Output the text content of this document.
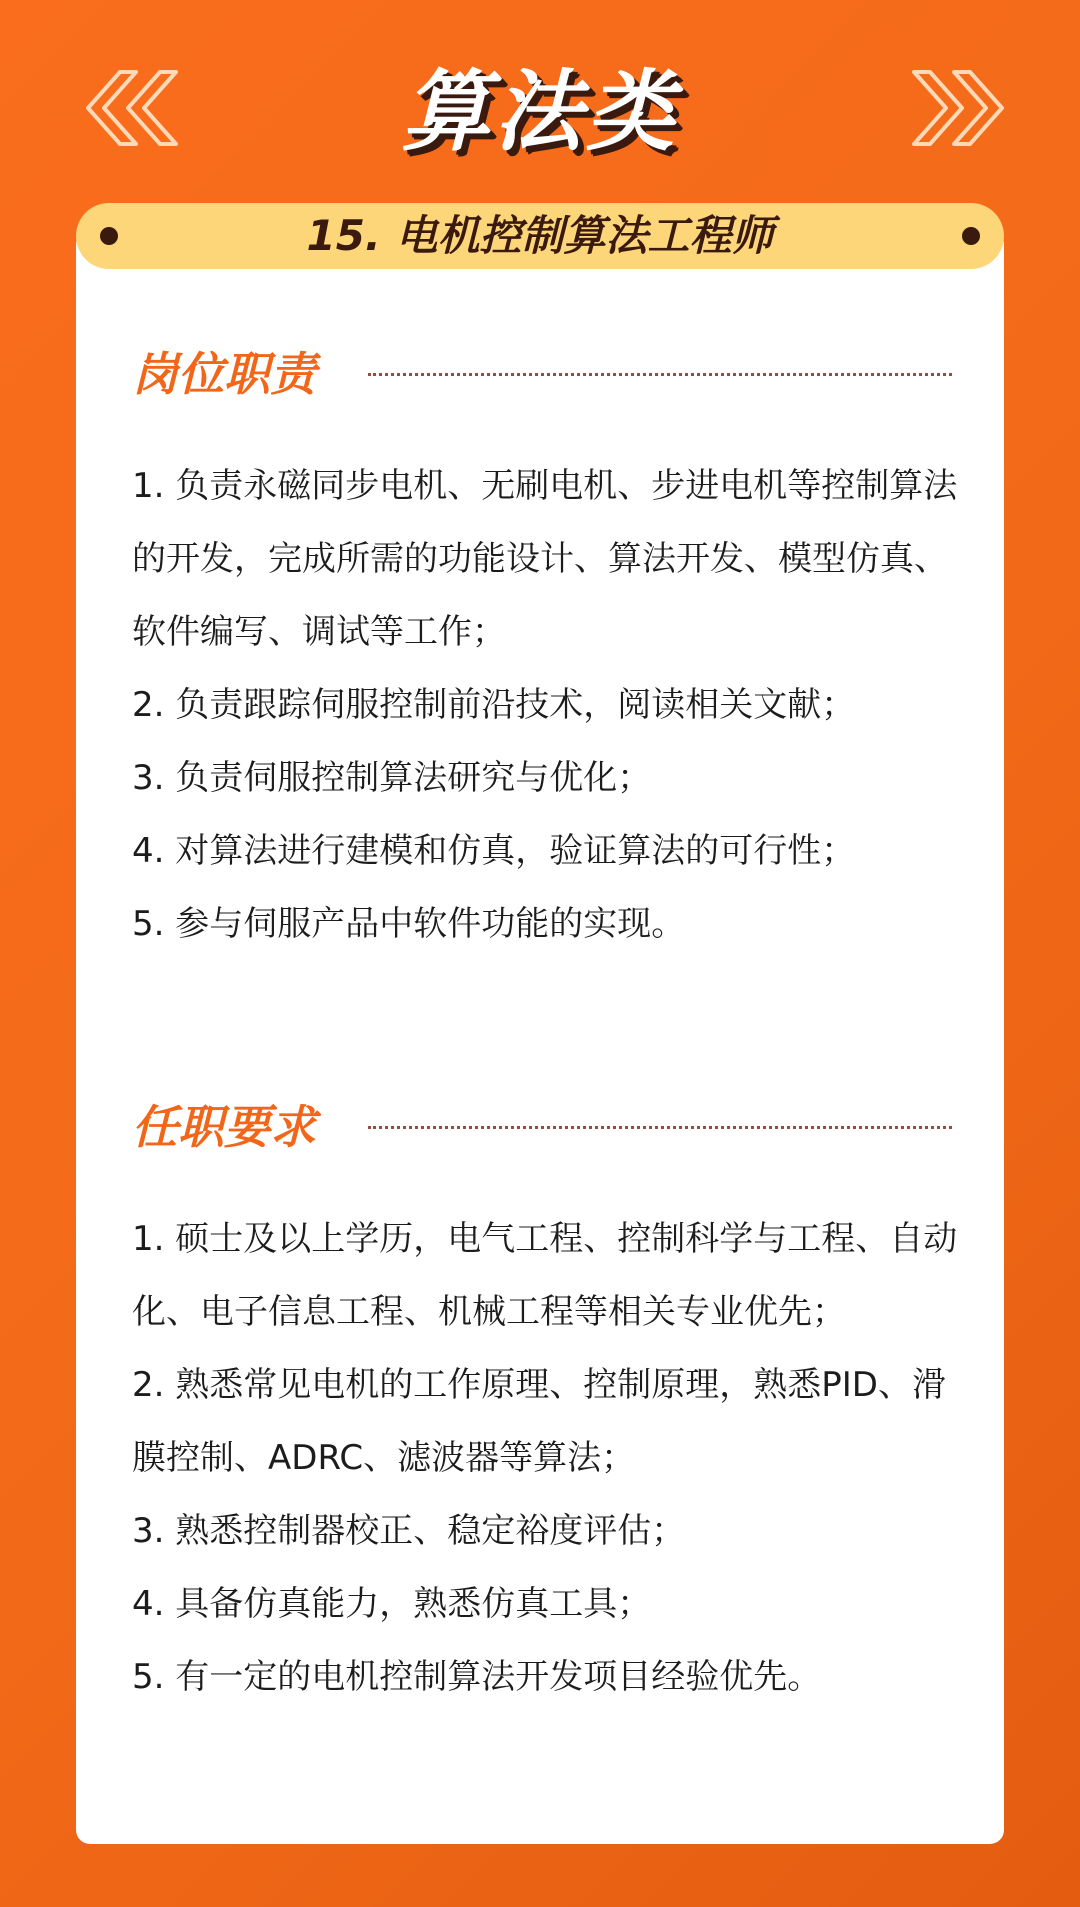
算法类
岗位职责
1. 负责永磁同步电机、无刷电机、步进电机等控制算法的开发，完成所需的功能设计、算法开发、模型仿真、软件编写、调试等工作；
2. 负责跟踪伺服控制前沿技术，阅读相关文献；
3. 负责伺服控制算法研究与优化；
4. 对算法进行建模和仿真，验证算法的可行性；
5. 参与伺服产品中软件功能的实现。
任职要求
1. 硕士及以上学历，电气工程、控制科学与工程、自动化、电子信息工程、机械工程等相关专业优先；
2. 熟悉常见电机的工作原理、控制原理，熟悉PID、滑膜控制、ADRC、滤波器等算法；
3. 熟悉控制器校正、稳定裕度评估；
4. 具备仿真能力，熟悉仿真工具；
5. 有一定的电机控制算法开发项目经验优先。
15. 电机控制算法工程师
